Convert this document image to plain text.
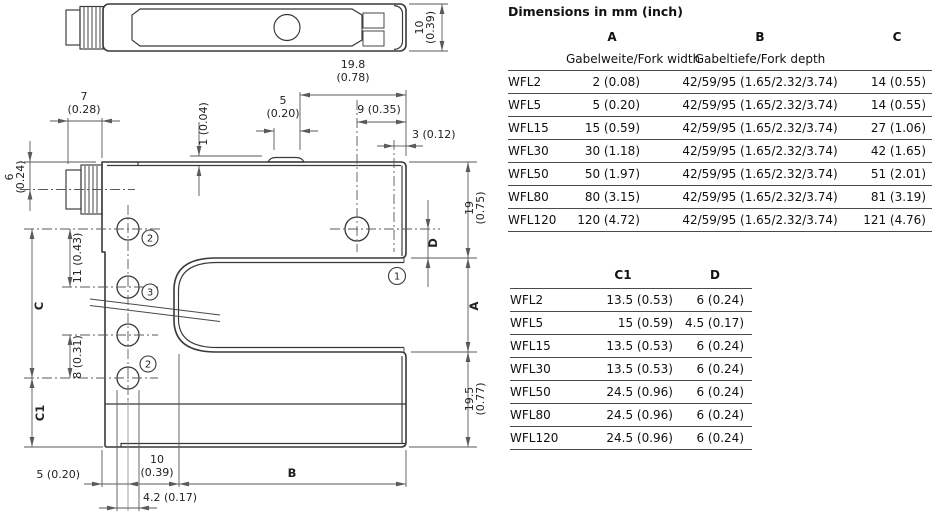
10
(0.39)
1
2
3
2
7
(0.28)	1 (0.04)
5
(0.20)
19.8
(0.78)
9 (0.35)
3 (0.12)
19
(0.75)
D
A
19.5
(0.77)
6
(0.24)
C
11 (0.43)
8 (0.31)
C1
5 (0.20)
10
(0.39)	B
4.2 (0.17)
Dimensions in mm (inch)
	A	B	C
	Gabelweite/Fork width	Gabeltiefe/Fork depth	
WFL2	2 (0.08)	42/59/95 (1.65/2.32/3.74)	14 (0.55)
WFL5	5 (0.20)	42/59/95 (1.65/2.32/3.74)	14 (0.55)
WFL15	15 (0.59)	42/59/95 (1.65/2.32/3.74)	27 (1.06)
WFL30	30 (1.18)	42/59/95 (1.65/2.32/3.74)	42 (1.65)
WFL50	50 (1.97)	42/59/95 (1.65/2.32/3.74)	51 (2.01)
WFL80	80 (3.15)	42/59/95 (1.65/2.32/3.74)	81 (3.19)
WFL120	120 (4.72)	42/59/95 (1.65/2.32/3.74)	121 (4.76)
	C1	D
WFL2	13.5 (0.53)	6 (0.24)
WFL5	15 (0.59)	4.5 (0.17)
WFL15	13.5 (0.53)	6 (0.24)
WFL30	13.5 (0.53)	6 (0.24)
WFL50	24.5 (0.96)	6 (0.24)
WFL80	24.5 (0.96)	6 (0.24)
WFL120	24.5 (0.96)	6 (0.24)
